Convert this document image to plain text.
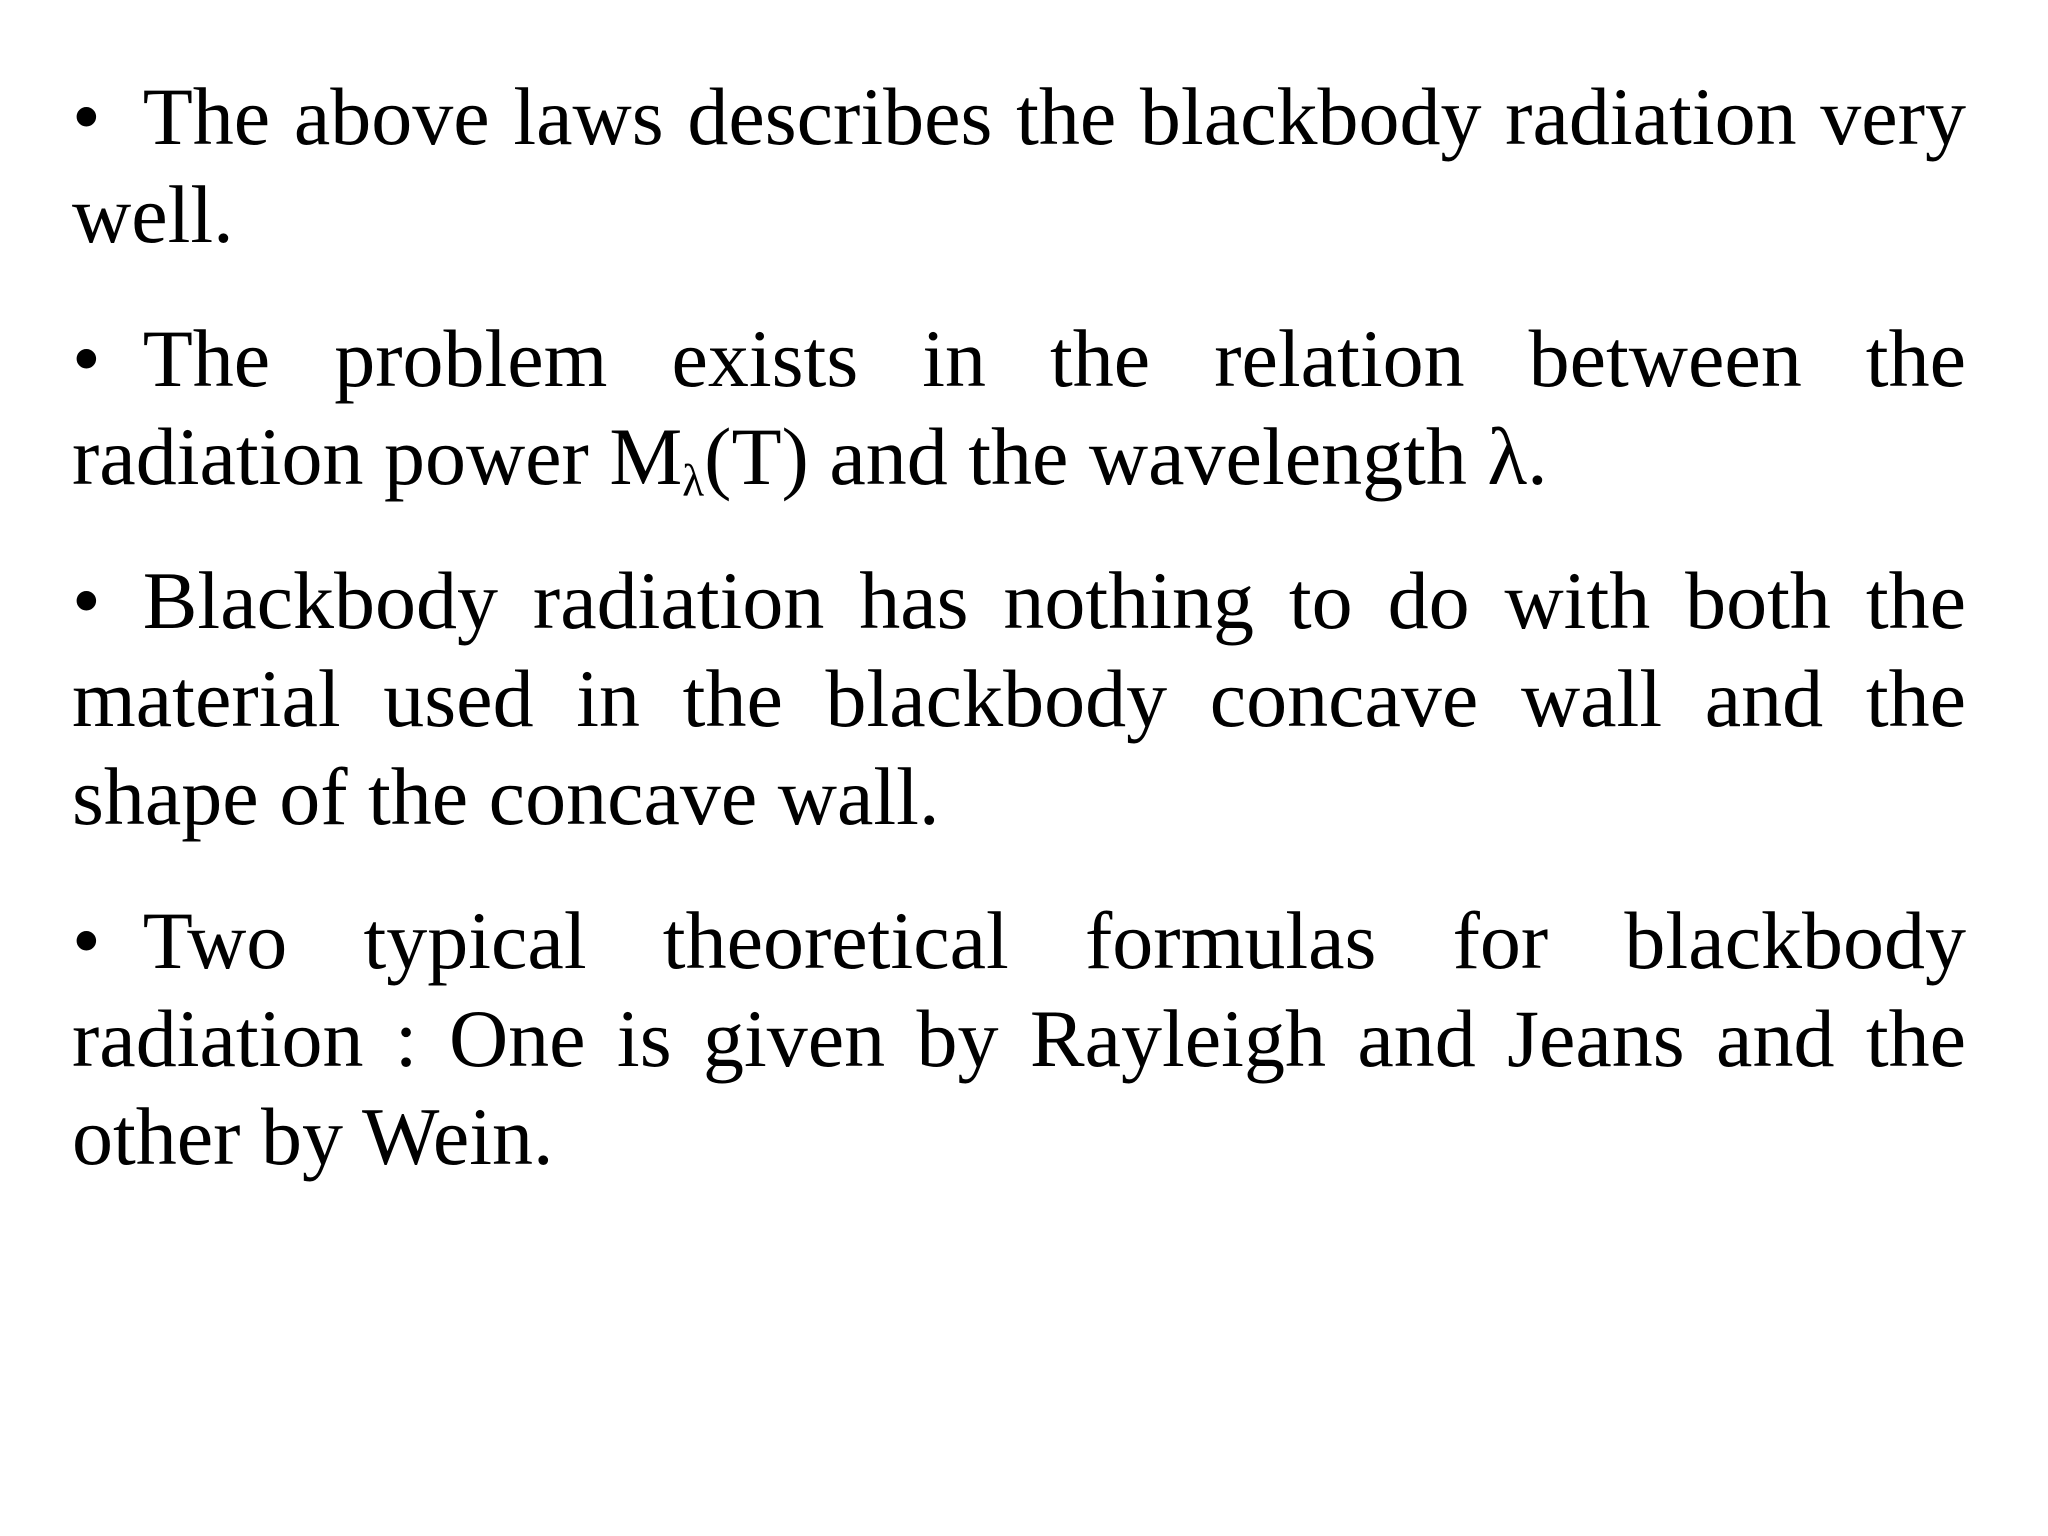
• The above laws describes the blackbody radiation very well.

• The problem exists in the relation between the radiation power $M_\lambda(T)$ and the wavelength λ.

• Blackbody radiation has nothing to do with both the material used in the blackbody concave wall and the shape of the concave wall.

• Two typical theoretical formulas for blackbody radiation : One is given by Rayleigh and Jeans and the other by Wein.
